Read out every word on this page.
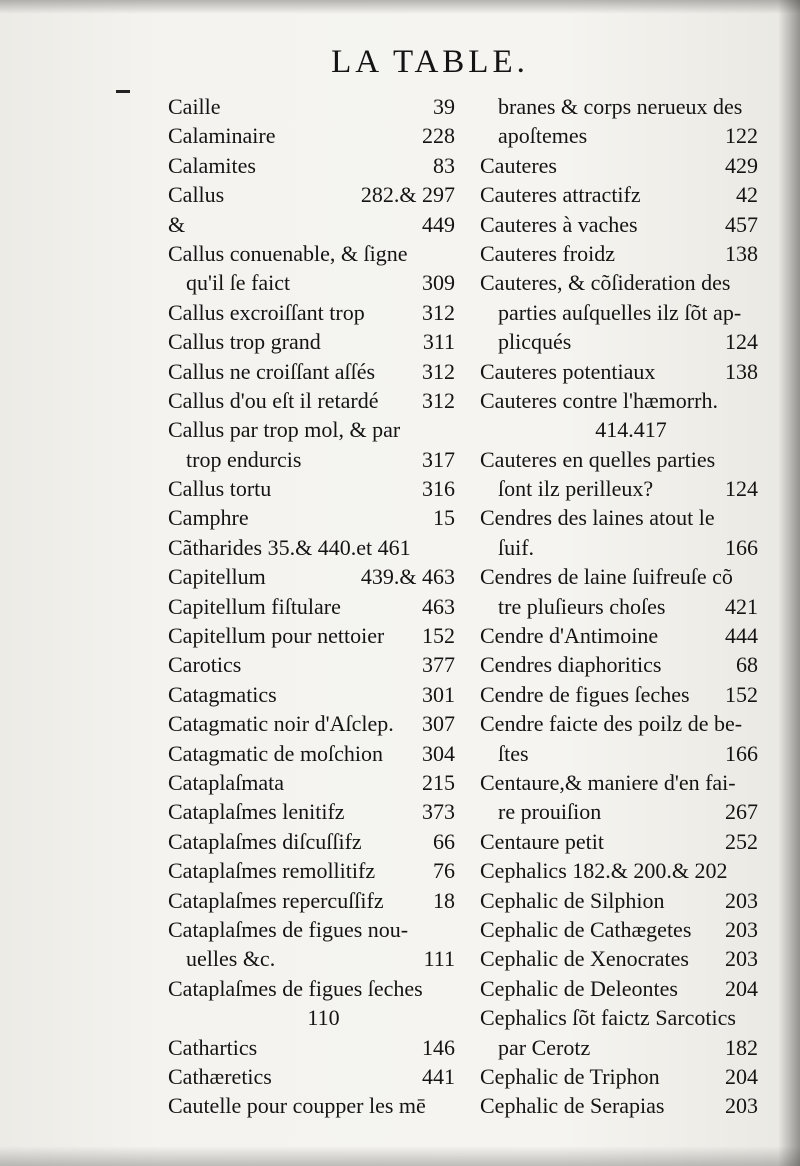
LA TABLE.
Caille	39
Calaminaire	228
Calamites	83
Callus	282.& 297
&	449
Callus conuenable, & ſigne
qu'il ſe faict	309
Callus excroiſſant trop	312
Callus trop grand	311
Callus ne croiſſant aſſés 312
Callus d'ou eſt il retardé 312
Callus par trop mol, & par
trop endurcis	317
Callus tortu	316
Camphre	15
Cãtharides 35.& 440.et 461
Capitellum	439.& 463
Capitellum fiſtulare	463
Capitellum pour nettoier 152
Carotics	377
Catagmatics	301
Catagmatic noir d'Aſclep. 307
Catagmatic de moſchion 304
Cataplaſmata	215
Cataplaſmes lenitifz	373
Cataplaſmes diſcuſſifz	66
Cataplaſmes remollitifz	76
Cataplaſmes repercuſſifz 18
Cataplaſmes de figues nou-
uelles &c.	111
Cataplaſmes de figues ſeches
110
Cathartics	146
Cathæretics	441
Cautelle pour coupper les mē
branes & corps nerueux des
apoſtemes	122
Cauteres	429
Cauteres attractifz	42
Cauteres à vaches	457
Cauteres froidz	138
Cauteres, & cõſideration des
parties auſquelles ilz ſõt ap-
plicqués	124
Cauteres potentiaux	138
Cauteres contre l'hæmorrh.
414.417
Cauteres en quelles parties
ſont ilz perilleux?	124
Cendres des laines atout le
ſuif.	166
Cendres de laine ſuifreuſe cõ
tre pluſieurs choſes	421
Cendre d'Antimoine	444
Cendres diaphoritics	68
Cendre de figues ſeches 152
Cendre faicte des poilz de be-
ſtes	166
Centaure,& maniere d'en fai-
re prouiſion	267
Centaure petit	252
Cephalics 182.& 200.& 202
Cephalic de Silphion	203
Cephalic de Cathægetes 203
Cephalic de Xenocrates 203
Cephalic de Deleontes 204
Cephalics ſõt faictz Sarcotics
par Cerotz	182
Cephalic de Triphon	204
Cephalic de Serapias	203
